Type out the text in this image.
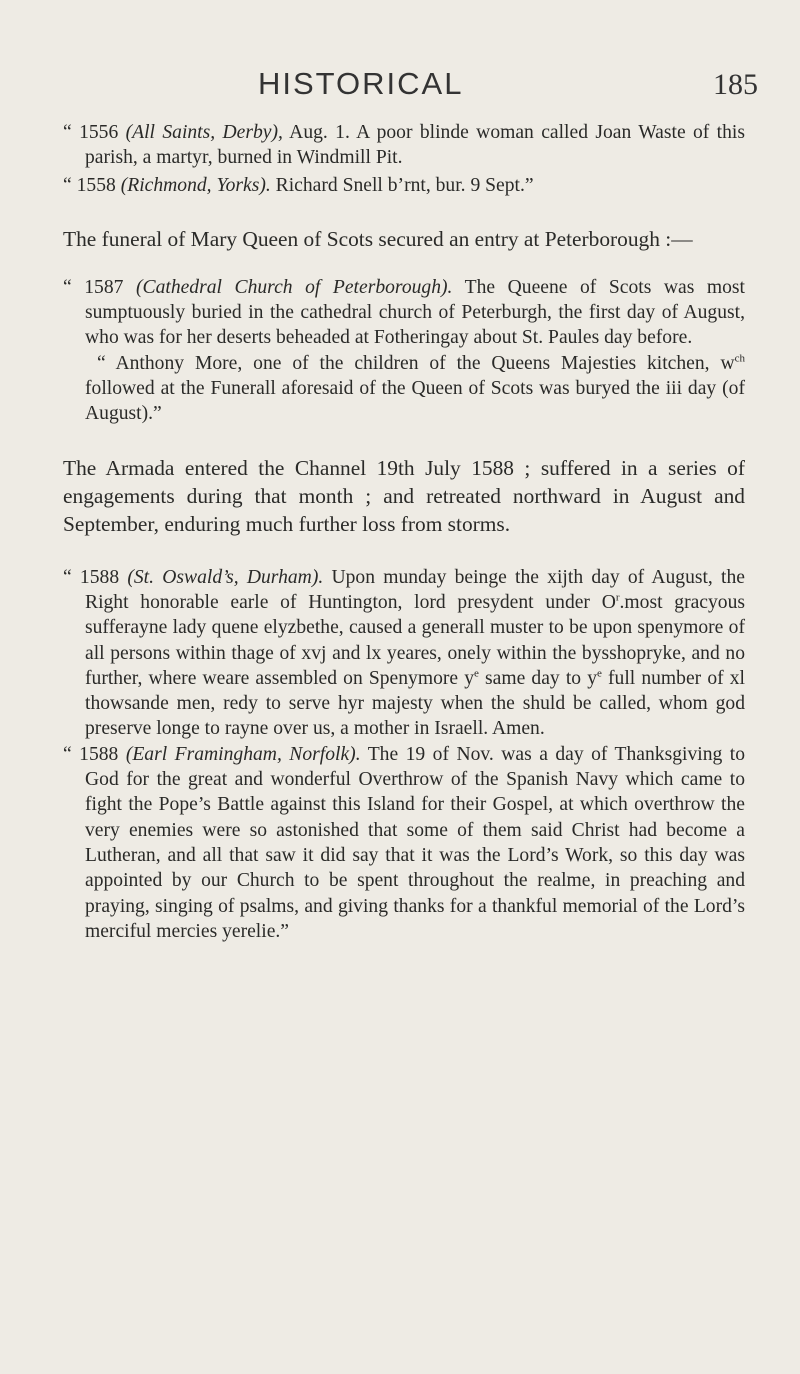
HISTORICAL	185

“ 1556 (All Saints, Derby), Aug. 1. A poor blinde woman called Joan Waste of this parish, a martyr, burned in Windmill Pit.

“ 1558 (Richmond, Yorks). Richard Snell b’rnt, bur. 9 Sept.”

The funeral of Mary Queen of Scots secured an entry at Peterborough :—

“ 1587 (Cathedral Church of Peterborough). The Queene of Scots was most sumptuously buried in the cathedral church of Peterburgh, the first day of August, who was for her deserts beheaded at Fotheringay about St. Paules day before.

“ Anthony More, one of the children of the Queens Majesties kitchen, $w^{ch}$ followed at the Funerall aforesaid of the Queen of Scots was buryed the iii day (of August).”

The Armada entered the Channel 19th July 1588 ; suffered in a series of engagements during that month ; and retreated northward in August and September, enduring much further loss from storms.

“ 1588 (St. Oswald’s, Durham). Upon munday beinge the xijth day of August, the Right honorable earle of Huntington, lord presydent under $O^r.most$ gracyous sufferayne lady quene elyzbethe, caused a generall muster to be upon spenymore of all persons within thage of xvj and lx yeares, onely within the bysshopryke, and no further, where weare assembled on Spenymore $y^e$ same day to $y^e$ full number of xl thowsande men, redy to serve hyr majesty when the shuld be called, whom god preserve longe to rayne over us, a mother in Israell. Amen.

“ 1588 (Earl Framingham, Norfolk). The 19 of Nov. was a day of Thanksgiving to God for the great and wonderful Overthrow of the Spanish Navy which came to fight the Pope’s Battle against this Island for their Gospel, at which overthrow the very enemies were so astonished that some of them said Christ had become a Lutheran, and all that saw it did say that it was the Lord’s Work, so this day was appointed by our Church to be spent throughout the realme, in preaching and praying, singing of psalms, and giving thanks for a thankful memorial of the Lord’s merciful mercies yerelie.”
